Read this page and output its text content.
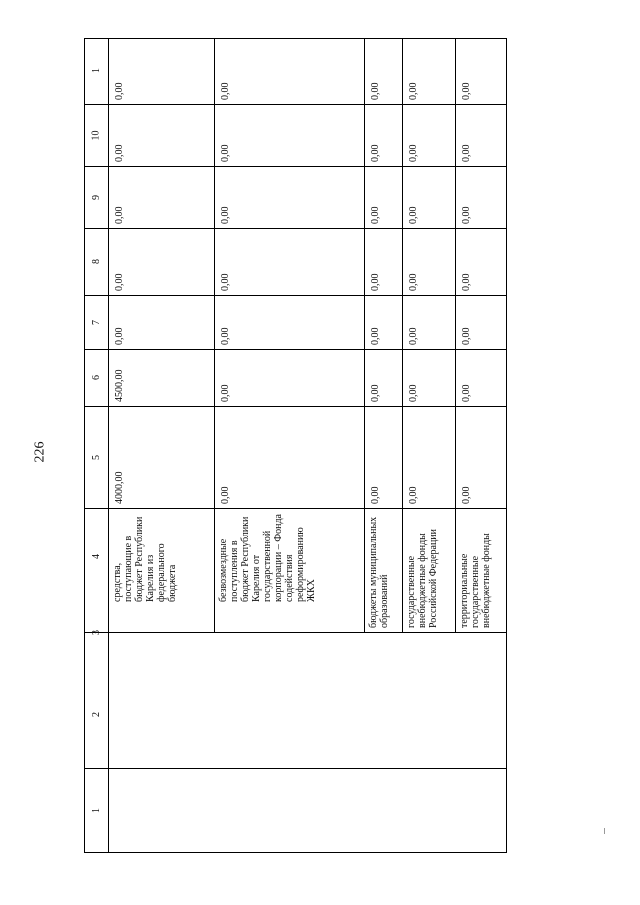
226
1
2
3
4
5
6
7
8
9
10
1
средства, поступающие в бюджет Республики Карелия из федерального бюджета
4000,00
4500,00
0,00
0,00
0,00
0,00
0,00
безвозмездные поступления в бюджет Республики Карелия от государственной корпорации – Фонда содействия реформированию ЖКХ
0,00
0,00
0,00
0,00
0,00
0,00
0,00
бюджеты муниципальных образований
0,00
0,00
0,00
0,00
0,00
0,00
0,00
государственные внебюджетные фонды Российской Федерации
0,00
0,00
0,00
0,00
0,00
0,00
0,00
территориальные государственные внебюджетные фонды
0,00
0,00
0,00
0,00
0,00
0,00
0,00
